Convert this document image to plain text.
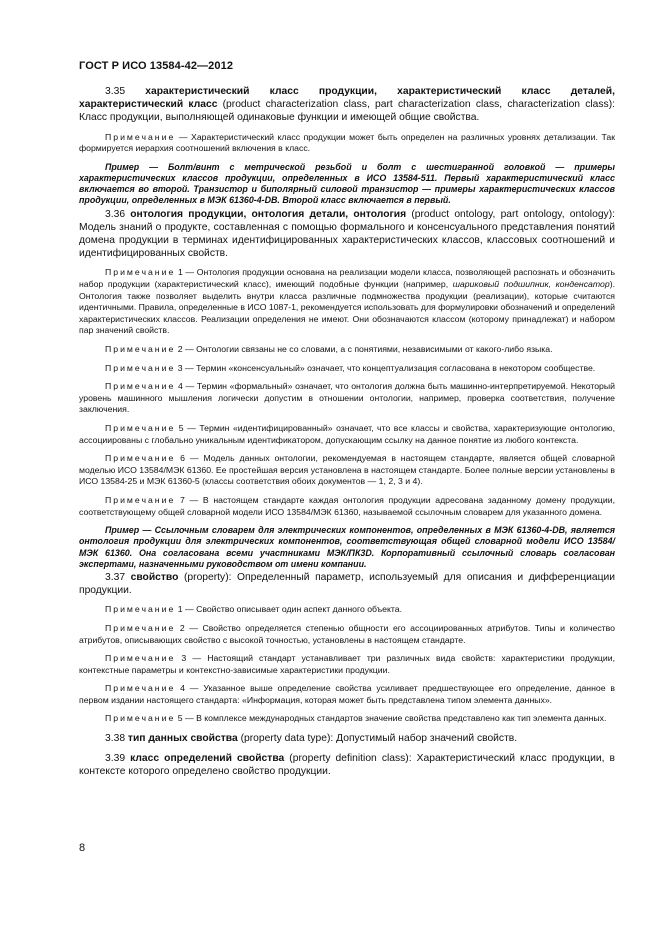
ГОСТ Р ИСО 13584-42—2012

3.35 характеристический класс продукции, характеристический класс деталей, характеристический класс (product characterization class, part characterization class, characterization class): Класс продукции, выполняющей одинаковые функции и имеющей общие свойства.

Примечание — Характеристический класс продукции может быть определен на различных уровнях детализации. Так формируется иерархия соотношений включения в класс.

Пример — Болт/винт с метрической резьбой и болт с шестигранной головкой — примеры характеристических классов продукции, определенных в ИСО 13584-511. Первый характеристический класс включается во второй. Транзистор и биполярный силовой транзистор — примеры характеристических классов продукции, определенных в МЭК 61360-4-DB. Второй класс включается в первый.

3.36 онтология продукции, онтология детали, онтология (product ontology, part ontology, ontology): Модель знаний о продукте, составленная с помощью формального и консенсуального представления понятий домена продукции в терминах идентифицированных характеристических классов, классовых соотношений и идентифицированных свойств.

Примечание 1 — Онтология продукции основана на реализации модели класса, позволяющей распознать и обозначить набор продукции (характеристический класс), имеющий подобные функции (например, шариковый подшипник, конденсатор). Онтология также позволяет выделить внутри класса различные подмножества продукции (реализации), которые считаются идентичными. Правила, определенные в ИСО 1087-1, рекомендуется использовать для формулировки обозначений и определений характеристических классов. Реализации определения не имеют. Они обозначаются классом (которому принадлежат) и набором пар значений свойств.

Примечание 2 — Онтологии связаны не со словами, а с понятиями, независимыми от какого-либо языка.

Примечание 3 — Термин «консенсуальный» означает, что концептуализация согласована в некотором сообществе.

Примечание 4 — Термин «формальный» означает, что онтология должна быть машинно-интерпретируемой. Некоторый уровень машинного мышления логически допустим в отношении онтологии, например, проверка соответствия, получение заключения.

Примечание 5 — Термин «идентифицированный» означает, что все классы и свойства, характеризующие онтологию, ассоциированы с глобально уникальным идентификатором, допускающим ссылку на данное понятие из любого контекста.

Примечание 6 — Модель данных онтологии, рекомендуемая в настоящем стандарте, является общей словарной моделью ИСО 13584/МЭК 61360. Ее простейшая версия установлена в настоящем стандарте. Более полные версии установлены в ИСО 13584-25 и МЭК 61360-5 (классы соответствия обоих документов — 1, 2, 3 и 4).

Примечание 7 — В настоящем стандарте каждая онтология продукции адресована заданному домену продукции, соответствующему общей словарной модели ИСО 13584/МЭК 61360, называемой ссылочным словарем для указанного домена.

Пример — Ссылочным словарем для электрических компонентов, определенных в МЭК 61360-4-DB, является онтология продукции для электрических компонентов, соответствующая общей словарной модели ИСО 13584/МЭК 61360. Она согласована всеми участниками МЭК/ПК3D. Корпоративный ссылочный словарь согласован экспертами, назначенными руководством от имени компании.

3.37 свойство (property): Определенный параметр, используемый для описания и дифференциации продукции.

Примечание 1 — Свойство описывает один аспект данного объекта.

Примечание 2 — Свойство определяется степенью общности его ассоциированных атрибутов. Типы и количество атрибутов, описывающих свойство с высокой точностью, установлены в настоящем стандарте.

Примечание 3 — Настоящий стандарт устанавливает три различных вида свойств: характеристики продукции, контекстные параметры и контекстно-зависимые характеристики продукции.

Примечание 4 — Указанное выше определение свойства усиливает предшествующее его определение, данное в первом издании настоящего стандарта: «Информация, которая может быть представлена типом элемента данных».

Примечание 5 — В комплексе международных стандартов значение свойства представлено как тип элемента данных.

3.38 тип данных свойства (property data type): Допустимый набор значений свойств.

3.39 класс определений свойства (property definition class): Характеристический класс продукции, в контексте которого определено свойство продукции.

8
